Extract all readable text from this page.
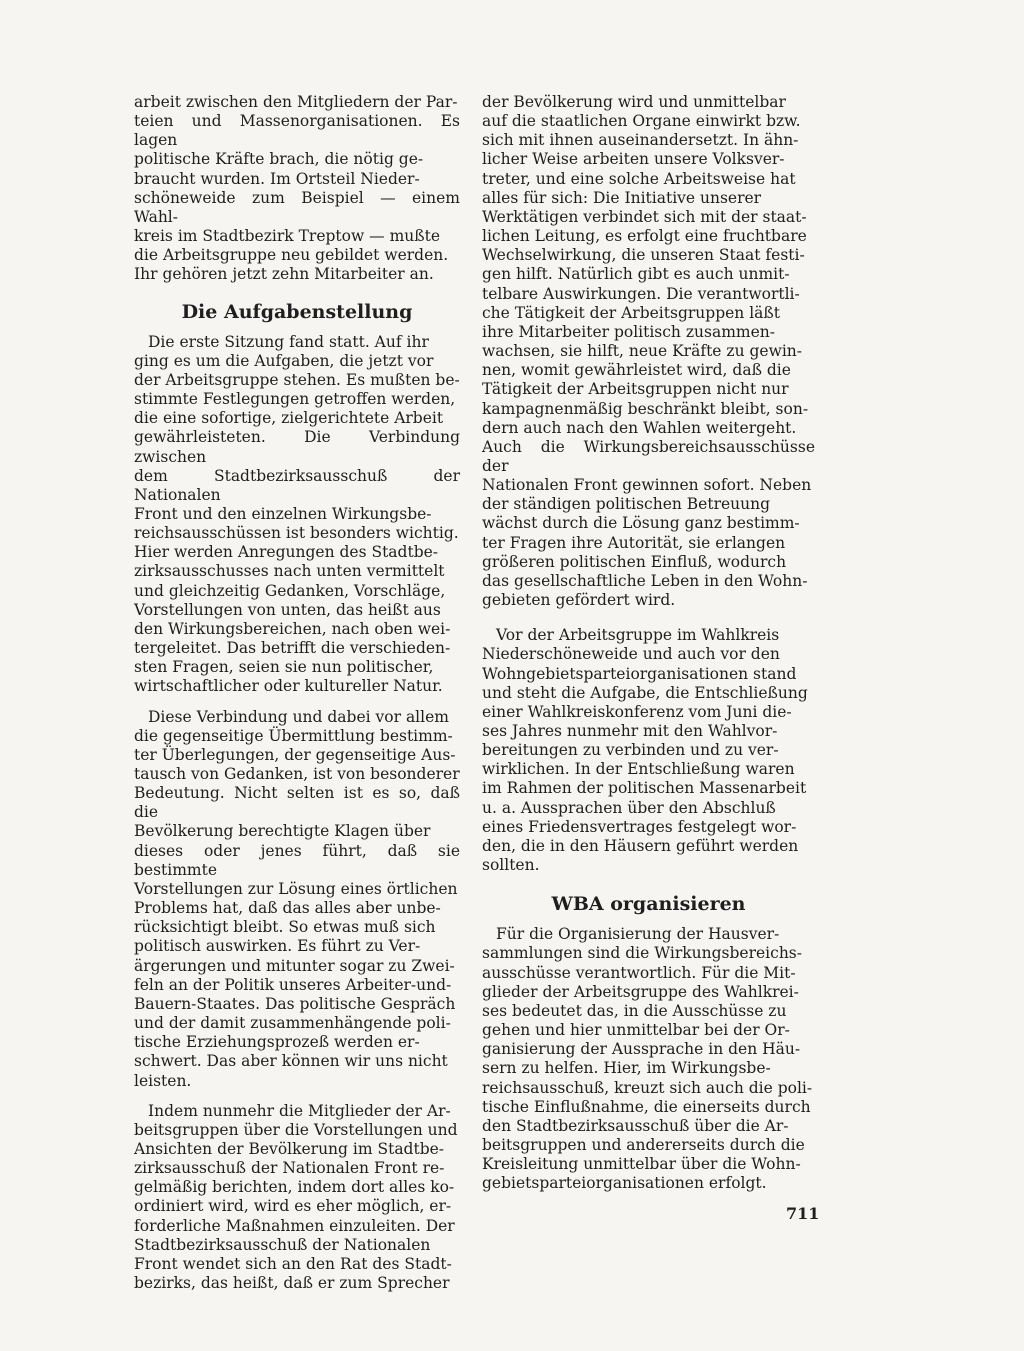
arbeit zwischen den Mitgliedern der Par-
teien und Massenorganisationen. Es lagen
politische Kräfte brach, die nötig ge-
braucht wurden. Im Ortsteil Nieder-
schöneweide zum Beispiel — einem Wahl-
kreis im Stadtbezirk Treptow — mußte
die Arbeitsgruppe neu gebildet werden.
Ihr gehören jetzt zehn Mitarbeiter an.
Die Aufgabenstellung
Die erste Sitzung fand statt. Auf ihr
ging es um die Aufgaben, die jetzt vor
der Arbeitsgruppe stehen. Es mußten be-
stimmte Festlegungen getroffen werden,
die eine sofortige, zielgerichtete Arbeit
gewährleisteten. Die Verbindung zwischen
dem Stadtbezirksausschuß der Nationalen
Front und den einzelnen Wirkungsbe-
reichsausschüssen ist besonders wichtig.
Hier werden Anregungen des Stadtbe-
zirksausschusses nach unten vermittelt
und gleichzeitig Gedanken, Vorschläge,
Vorstellungen von unten, das heißt aus
den Wirkungsbereichen, nach oben wei-
tergeleitet. Das betrifft die verschieden-
sten Fragen, seien sie nun politischer,
wirtschaftlicher oder kultureller Natur.
Diese Verbindung und dabei vor allem
die gegenseitige Übermittlung bestimm-
ter Überlegungen, der gegenseitige Aus-
tausch von Gedanken, ist von besonderer
Bedeutung. Nicht selten ist es so, daß die
Bevölkerung berechtigte Klagen über
dieses oder jenes führt, daß sie bestimmte
Vorstellungen zur Lösung eines örtlichen
Problems hat, daß das alles aber unbe-
rücksichtigt bleibt. So etwas muß sich
politisch auswirken. Es führt zu Ver-
ärgerungen und mitunter sogar zu Zwei-
feln an der Politik unseres Arbeiter-und-
Bauern-Staates. Das politische Gespräch
und der damit zusammenhängende poli-
tische Erziehungsprozeß werden er-
schwert. Das aber können wir uns nicht
leisten.
Indem nunmehr die Mitglieder der Ar-
beitsgruppen über die Vorstellungen und
Ansichten der Bevölkerung im Stadtbe-
zirksausschuß der Nationalen Front re-
gelmäßig berichten, indem dort alles ko-
ordiniert wird, wird es eher möglich, er-
forderliche Maßnahmen einzuleiten. Der
Stadtbezirksausschuß der Nationalen
Front wendet sich an den Rat des Stadt-
bezirks, das heißt, daß er zum Sprecher
der Bevölkerung wird und unmittelbar
auf die staatlichen Organe einwirkt bzw.
sich mit ihnen auseinandersetzt. In ähn-
licher Weise arbeiten unsere Volksver-
treter, und eine solche Arbeitsweise hat
alles für sich: Die Initiative unserer
Werktätigen verbindet sich mit der staat-
lichen Leitung, es erfolgt eine fruchtbare
Wechselwirkung, die unseren Staat festi-
gen hilft. Natürlich gibt es auch unmit-
telbare Auswirkungen. Die verantwortli-
che Tätigkeit der Arbeitsgruppen läßt
ihre Mitarbeiter politisch zusammen-
wachsen, sie hilft, neue Kräfte zu gewin-
nen, womit gewährleistet wird, daß die
Tätigkeit der Arbeitsgruppen nicht nur
kampagnenmäßig beschränkt bleibt, son-
dern auch nach den Wahlen weitergeht.
Auch die Wirkungsbereichsausschüsse der
Nationalen Front gewinnen sofort. Neben
der ständigen politischen Betreuung
wächst durch die Lösung ganz bestimm-
ter Fragen ihre Autorität, sie erlangen
größeren politischen Einfluß, wodurch
das gesellschaftliche Leben in den Wohn-
gebieten gefördert wird.
Vor der Arbeitsgruppe im Wahlkreis
Niederschöneweide und auch vor den
Wohngebietsparteiorganisationen stand
und steht die Aufgabe, die Entschließung
einer Wahlkreiskonferenz vom Juni die-
ses Jahres nunmehr mit den Wahlvor-
bereitungen zu verbinden und zu ver-
wirklichen. In der Entschließung waren
im Rahmen der politischen Massenarbeit
u. a. Aussprachen über den Abschluß
eines Friedensvertrages festgelegt wor-
den, die in den Häusern geführt werden
sollten.
WBA organisieren
Für die Organisierung der Hausver-
sammlungen sind die Wirkungsbereichs-
ausschüsse verantwortlich. Für die Mit-
glieder der Arbeitsgruppe des Wahlkrei-
ses bedeutet das, in die Ausschüsse zu
gehen und hier unmittelbar bei der Or-
ganisierung der Aussprache in den Häu-
sern zu helfen. Hier, im Wirkungsbe-
reichsausschuß, kreuzt sich auch die poli-
tische Einflußnahme, die einerseits durch
den Stadtbezirksausschuß über die Ar-
beitsgruppen und andererseits durch die
Kreisleitung unmittelbar über die Wohn-
gebietsparteiorganisationen erfolgt.
711
